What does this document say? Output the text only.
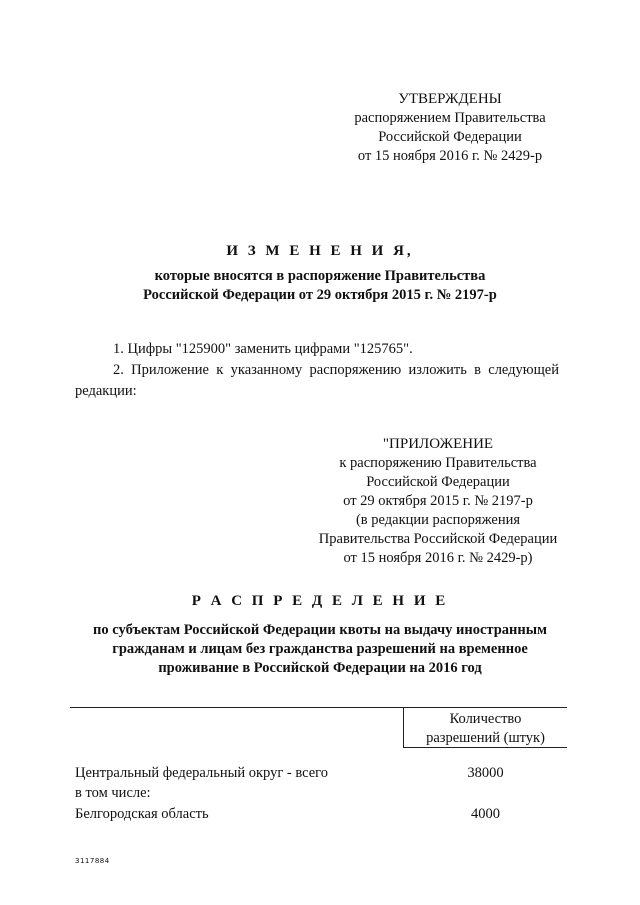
УТВЕРЖДЕНЫ
распоряжением Правительства
Российской Федерации
от 15 ноября 2016 г. № 2429-р
И З М Е Н Е Н И Я,
которые вносятся в распоряжение Правительства
Российской Федерации от 29 октября 2015 г. № 2197-р
1. Цифры "125900" заменить цифрами "125765".
2. Приложение к указанному распоряжению изложить в следующей редакции:
"ПРИЛОЖЕНИЕ
к распоряжению Правительства
Российской Федерации
от 29 октября 2015 г. № 2197-р
(в редакции распоряжения
Правительства Российской Федерации
от 15 ноября 2016 г. № 2429-р)
Р А С П Р Е Д Е Л Е Н И Е
по субъектам Российской Федерации квоты на выдачу иностранным
гражданам и лицам без гражданства разрешений на временное
проживание в Российской Федерации на 2016 год
Количество
разрешений (штук)
Центральный федеральный округ - всего	38000
в том числе:
Белгородская область	4000
3117884
